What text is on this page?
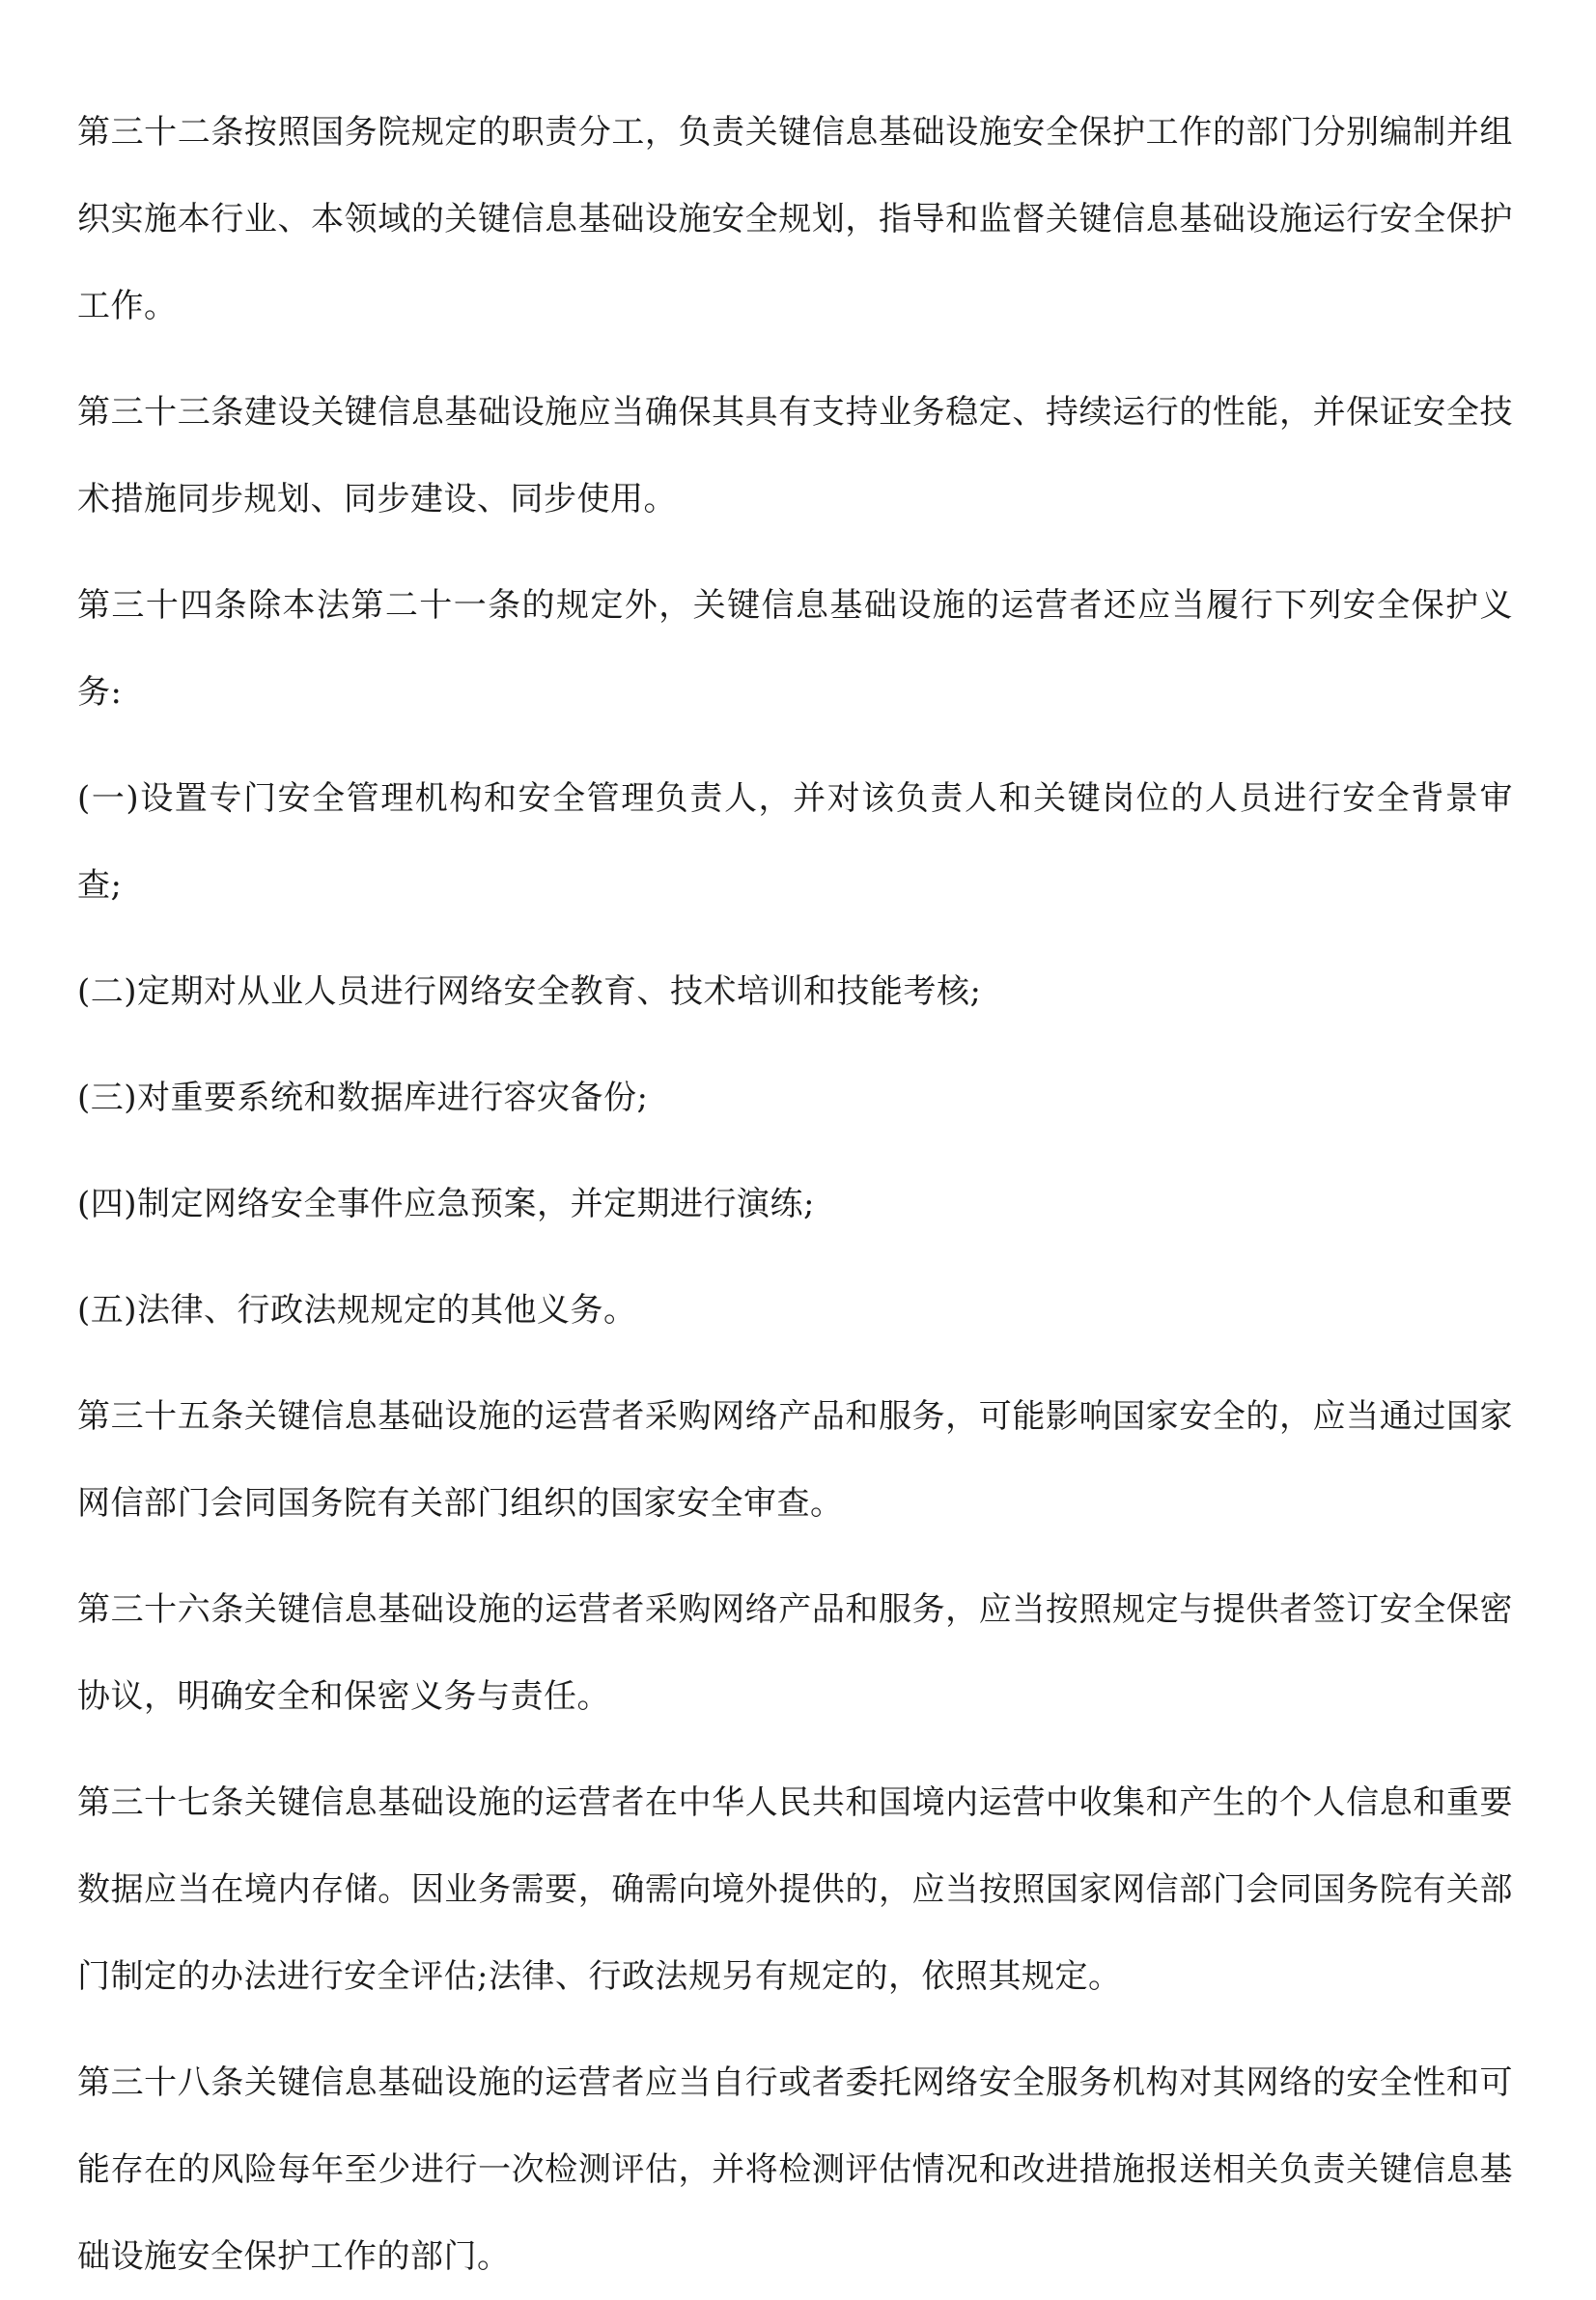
第三十二条按照国务院规定的职责分工，负责关键信息基础设施安全保护工作的部门分别编制并组织实施本行业、本领域的关键信息基础设施安全规划，指导和监督关键信息基础设施运行安全保护工作。

第三十三条建设关键信息基础设施应当确保其具有支持业务稳定、持续运行的性能，并保证安全技术措施同步规划、同步建设、同步使用。

第三十四条除本法第二十一条的规定外，关键信息基础设施的运营者还应当履行下列安全保护义务:

(一)设置专门安全管理机构和安全管理负责人，并对该负责人和关键岗位的人员进行安全背景审查;

(二)定期对从业人员进行网络安全教育、技术培训和技能考核;

(三)对重要系统和数据库进行容灾备份;

(四)制定网络安全事件应急预案，并定期进行演练;

(五)法律、行政法规规定的其他义务。

第三十五条关键信息基础设施的运营者采购网络产品和服务，可能影响国家安全的，应当通过国家网信部门会同国务院有关部门组织的国家安全审查。

第三十六条关键信息基础设施的运营者采购网络产品和服务，应当按照规定与提供者签订安全保密协议，明确安全和保密义务与责任。

第三十七条关键信息基础设施的运营者在中华人民共和国境内运营中收集和产生的个人信息和重要数据应当在境内存储。因业务需要，确需向境外提供的，应当按照国家网信部门会同国务院有关部门制定的办法进行安全评估;法律、行政法规另有规定的，依照其规定。

第三十八条关键信息基础设施的运营者应当自行或者委托网络安全服务机构对其网络的安全性和可能存在的风险每年至少进行一次检测评估，并将检测评估情况和改进措施报送相关负责关键信息基础设施安全保护工作的部门。
